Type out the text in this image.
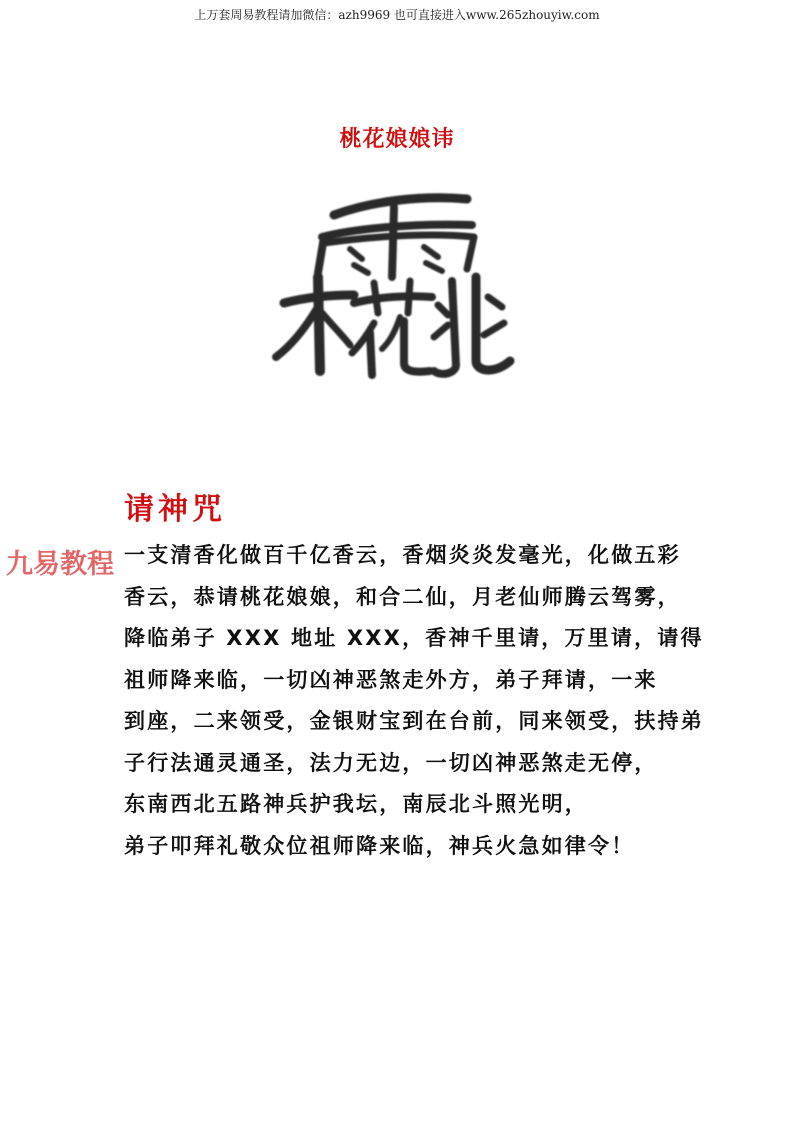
上万套周易教程请加微信：azh9969 也可直接进入www.265zhouyiw.com
桃花娘娘讳
请神咒
一支清香化做百千亿香云，香烟炎炎发毫光，化做五彩
香云，恭请桃花娘娘，和合二仙，月老仙师腾云驾雾，
降临弟子 XXX 地址 XXX，香神千里请，万里请，请得
祖师降来临，一切凶神恶煞走外方，弟子拜请，一来
到座，二来领受，金银财宝到在台前，同来领受，扶持弟
子行法通灵通圣，法力无边，一切凶神恶煞走无停，
东南西北五路神兵护我坛，南辰北斗照光明，
弟子叩拜礼敬众位祖师降来临，神兵火急如律令！
九易教程
